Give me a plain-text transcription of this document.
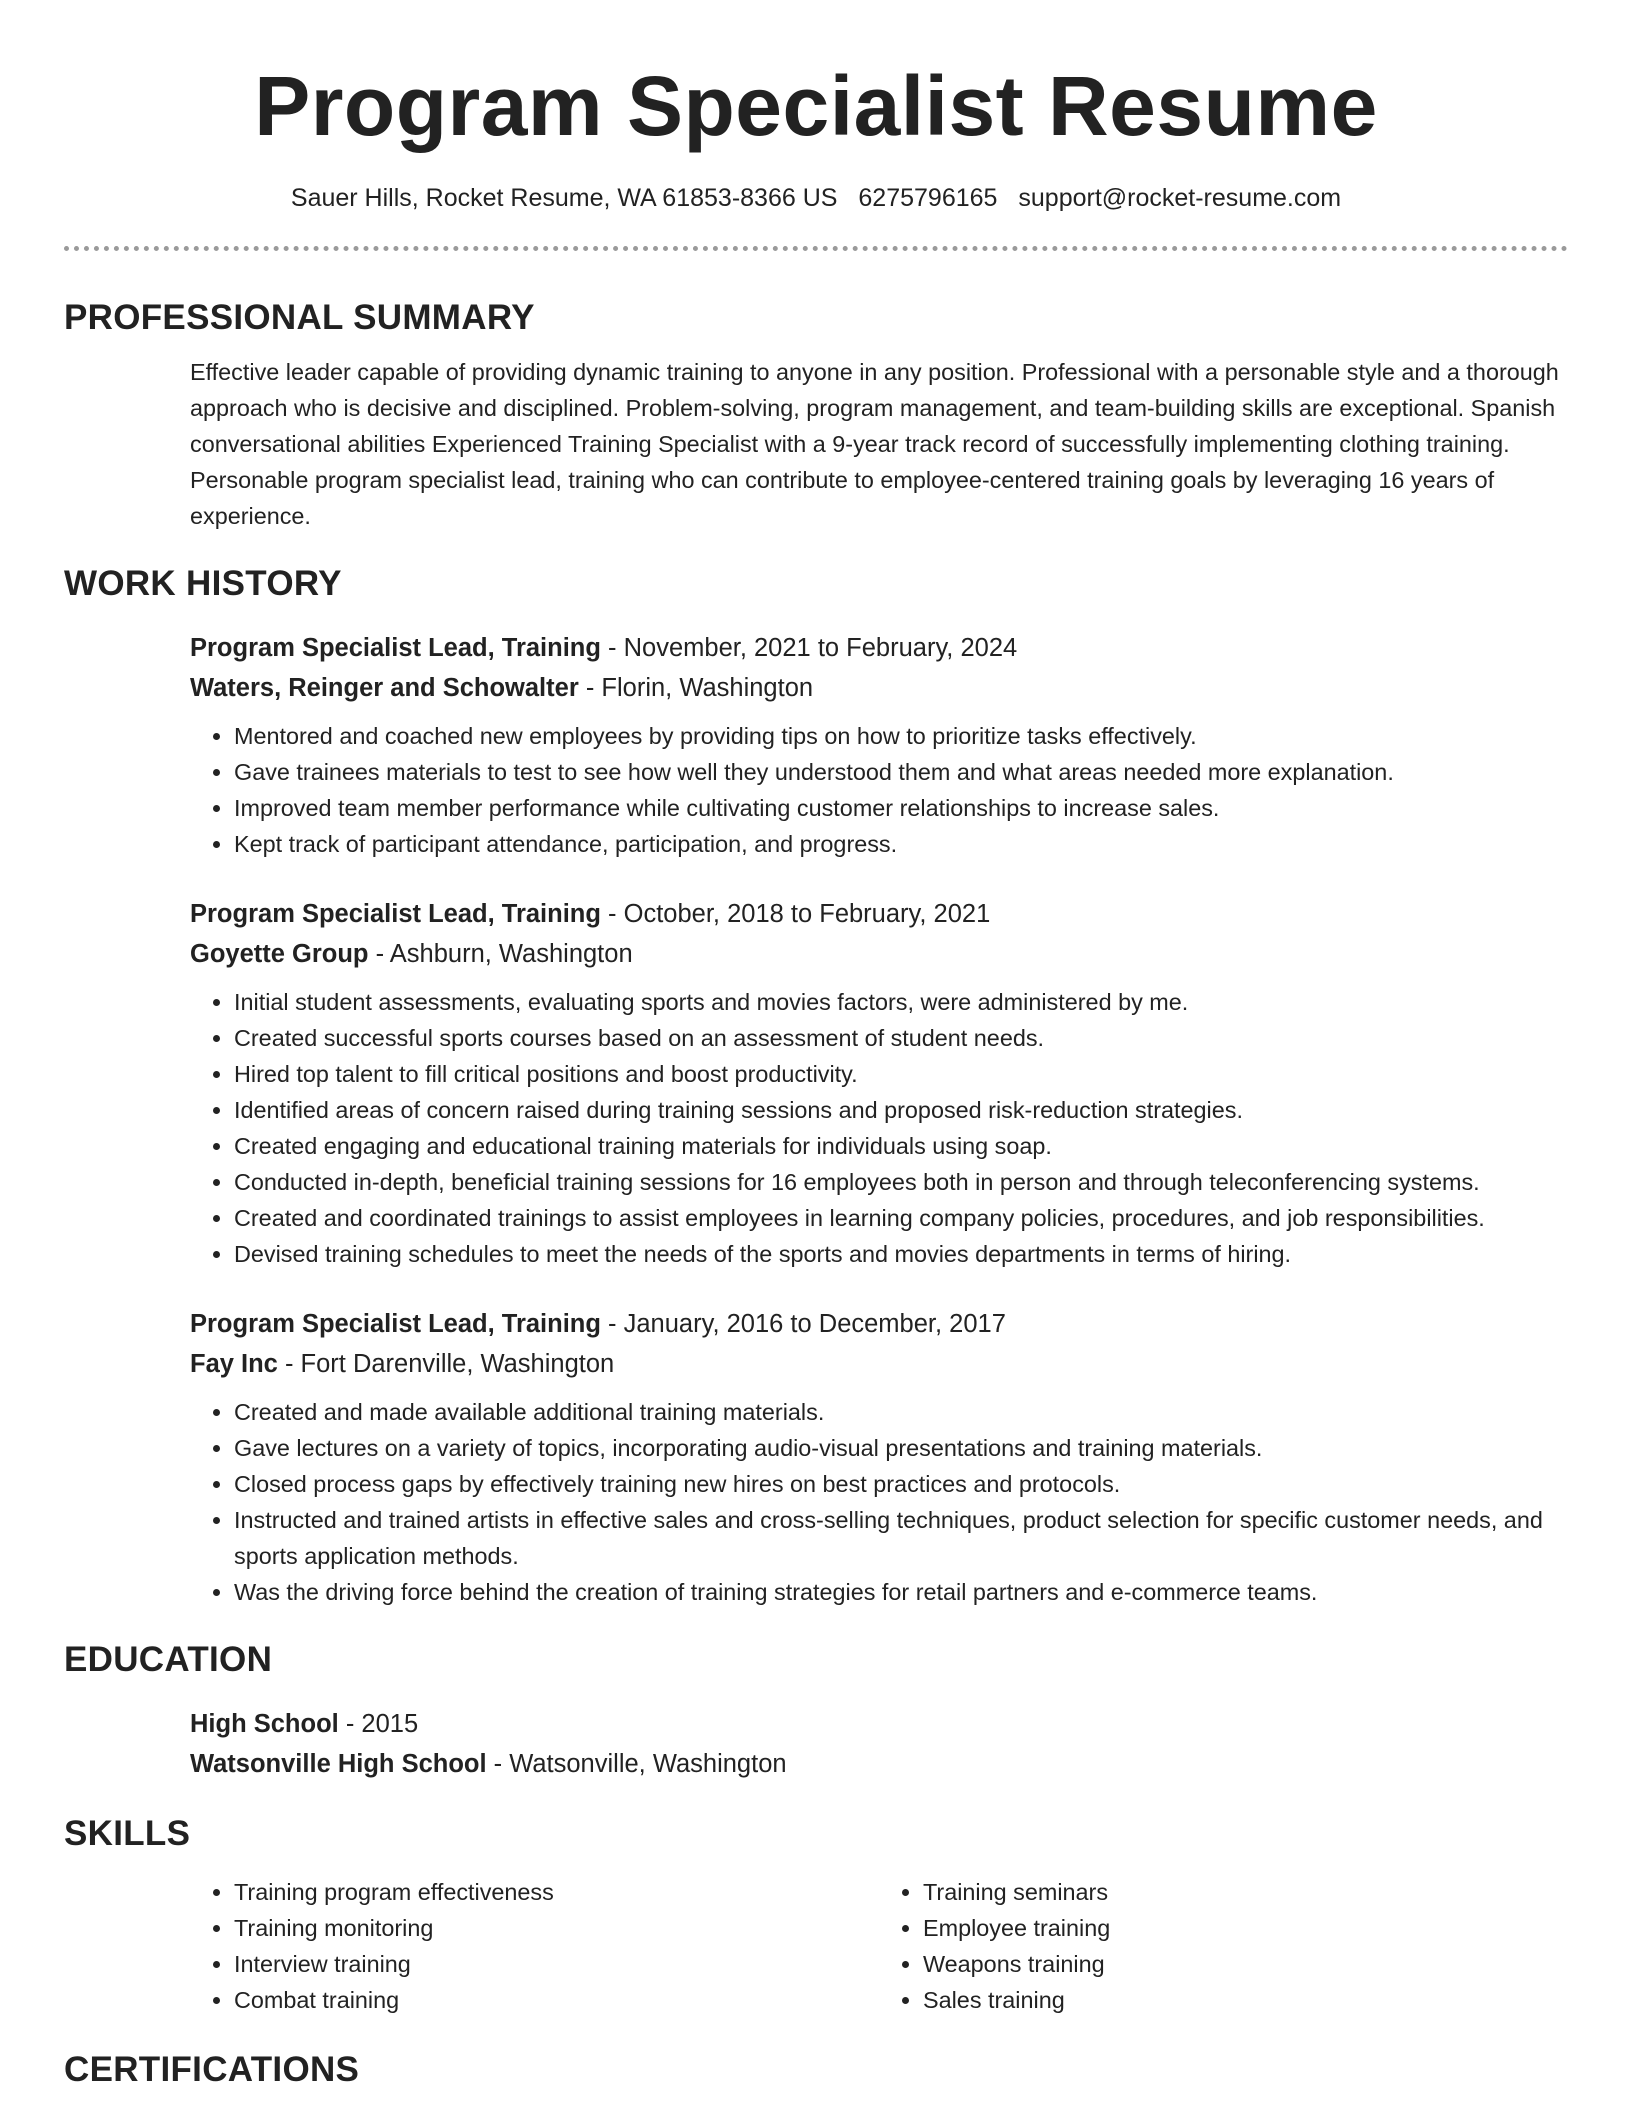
Program Specialist Resume
Sauer Hills, Rocket Resume, WA 61853-8366 US 6275796165 support@rocket-resume.com
PROFESSIONAL SUMMARY
Effective leader capable of providing dynamic training to anyone in any position. Professional with a personable style and a thorough approach who is decisive and disciplined. Problem-solving, program management, and team-building skills are exceptional. Spanish conversational abilities Experienced Training Specialist with a 9-year track record of successfully implementing clothing training. Personable program specialist lead, training who can contribute to employee-centered training goals by leveraging 16 years of experience.
WORK HISTORY
Program Specialist Lead, Training - November, 2021 to February, 2024
Waters, Reinger and Schowalter - Florin, Washington
• Mentored and coached new employees by providing tips on how to prioritize tasks effectively.
• Gave trainees materials to test to see how well they understood them and what areas needed more explanation.
• Improved team member performance while cultivating customer relationships to increase sales.
• Kept track of participant attendance, participation, and progress.
Program Specialist Lead, Training - October, 2018 to February, 2021
Goyette Group - Ashburn, Washington
• Initial student assessments, evaluating sports and movies factors, were administered by me.
• Created successful sports courses based on an assessment of student needs.
• Hired top talent to fill critical positions and boost productivity.
• Identified areas of concern raised during training sessions and proposed risk-reduction strategies.
• Created engaging and educational training materials for individuals using soap.
• Conducted in-depth, beneficial training sessions for 16 employees both in person and through teleconferencing systems.
• Created and coordinated trainings to assist employees in learning company policies, procedures, and job responsibilities.
• Devised training schedules to meet the needs of the sports and movies departments in terms of hiring.
Program Specialist Lead, Training - January, 2016 to December, 2017
Fay Inc - Fort Darenville, Washington
• Created and made available additional training materials.
• Gave lectures on a variety of topics, incorporating audio-visual presentations and training materials.
• Closed process gaps by effectively training new hires on best practices and protocols.
• Instructed and trained artists in effective sales and cross-selling techniques, product selection for specific customer needs, and sports application methods.
• Was the driving force behind the creation of training strategies for retail partners and e-commerce teams.
EDUCATION
High School - 2015
Watsonville High School - Watsonville, Washington
SKILLS
• Training program effectiveness
• Training monitoring
• Interview training
• Combat training
• Training seminars
• Employee training
• Weapons training
• Sales training
CERTIFICATIONS
